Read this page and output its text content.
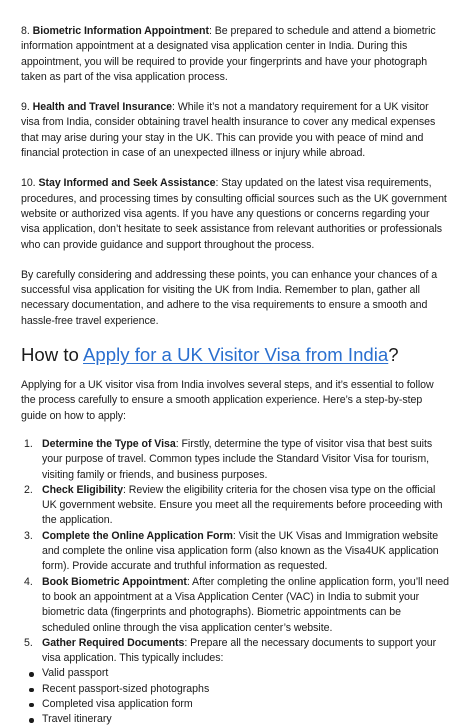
8. Biometric Information Appointment: Be prepared to schedule and attend a biometric information appointment at a designated visa application center in India. During this appointment, you will be required to provide your fingerprints and have your photograph taken as part of the visa application process.

9. Health and Travel Insurance: While it’s not a mandatory requirement for a UK visitor visa from India, consider obtaining travel health insurance to cover any medical expenses that may arise during your stay in the UK. This can provide you with peace of mind and financial protection in case of an unexpected illness or injury while abroad.

10. Stay Informed and Seek Assistance: Stay updated on the latest visa requirements, procedures, and processing times by consulting official sources such as the UK government website or authorized visa agents. If you have any questions or concerns regarding your visa application, don’t hesitate to seek assistance from relevant authorities or professionals who can provide guidance and support throughout the process.

By carefully considering and addressing these points, you can enhance your chances of a successful visa application for visiting the UK from India. Remember to plan, gather all necessary documentation, and adhere to the visa requirements to ensure a smooth and hassle-free travel experience.

How to Apply for a UK Visitor Visa from India?

Applying for a UK visitor visa from India involves several steps, and it’s essential to follow the process carefully to ensure a smooth application experience. Here’s a step-by-step guide on how to apply:

1. Determine the Type of Visa: Firstly, determine the type of visitor visa that best suits your purpose of travel. Common types include the Standard Visitor Visa for tourism, visiting family or friends, and business purposes.
2. Check Eligibility: Review the eligibility criteria for the chosen visa type on the official UK government website. Ensure you meet all the requirements before proceeding with the application.
3. Complete the Online Application Form: Visit the UK Visas and Immigration website and complete the online visa application form (also known as the Visa4UK application form). Provide accurate and truthful information as requested.
4. Book Biometric Appointment: After completing the online application form, you’ll need to book an appointment at a Visa Application Center (VAC) in India to submit your biometric data (fingerprints and photographs). Biometric appointments can be scheduled online through the visa application center’s website.
5. Gather Required Documents: Prepare all the necessary documents to support your visa application. This typically includes:
Valid passport
Recent passport-sized photographs
Completed visa application form
Travel itinerary
